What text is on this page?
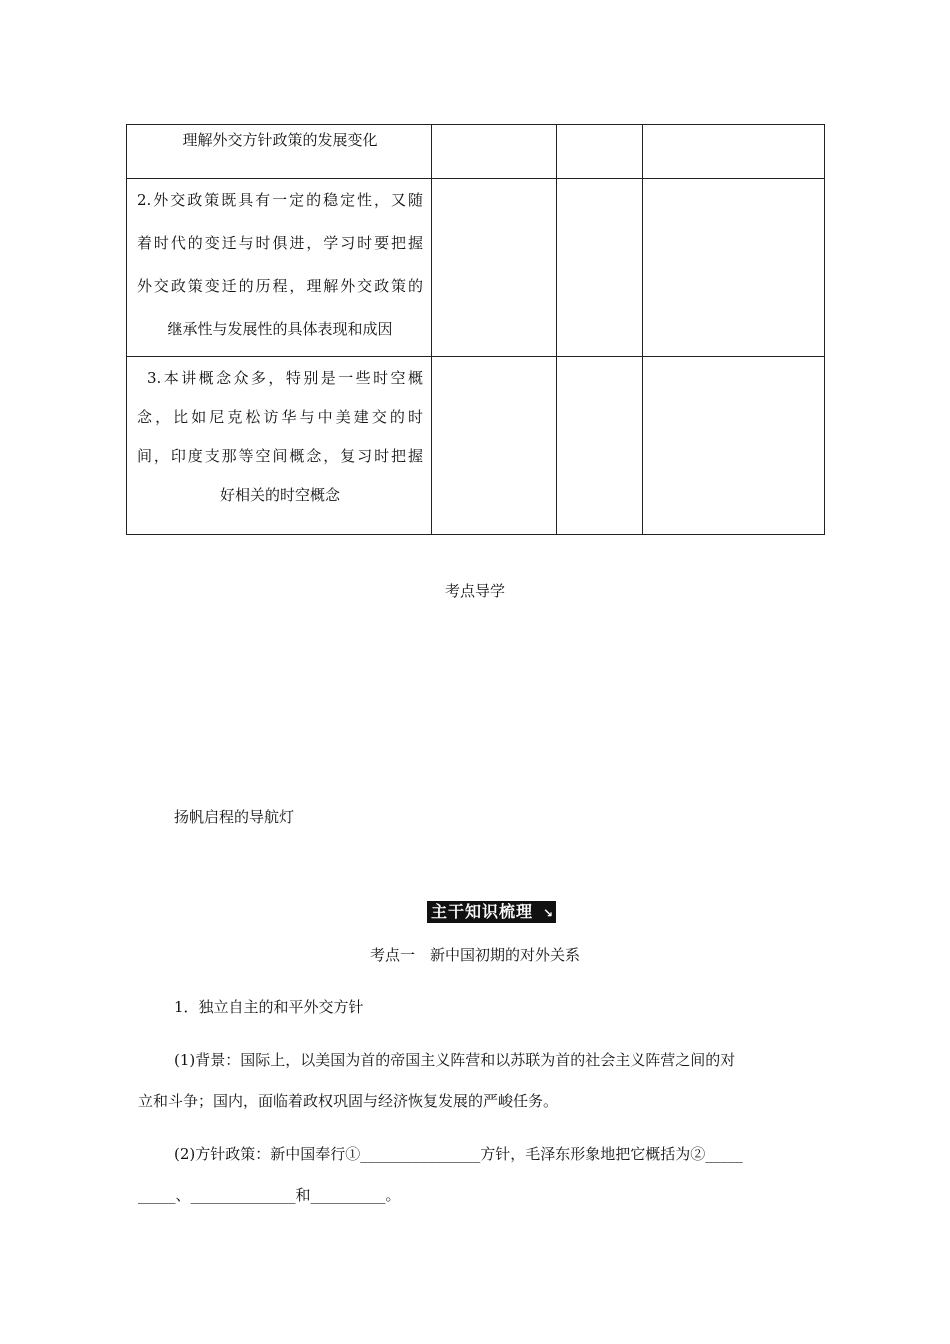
理解外交方针政策的发展变化			

2.外交政策既具有一定的稳定性，又随
着时代的变迁与时俱进，学习时要把握
外交政策变迁的历程，理解外交政策的
继承性与发展性的具体表现和成因			

3.本讲概念众多，特别是一些时空概
念，比如尼克松访华与中美建交的时
间，印度支那等空间概念，复习时把握
好相关的时空概念			

考点导学
扬帆启程的导航灯
主干知识梳理 ↘
考点一　新中国初期的对外关系
1．独立自主的和平外交方针
(1)背景：国际上，以美国为首的帝国主义阵营和以苏联为首的社会主义阵营之间的对
立和斗争；国内，面临着政权巩固与经济恢复发展的严峻任务。
(2)方针政策：新中国奉行①________________方针，毛泽东形象地把它概括为②_____
_____、______________和__________。
